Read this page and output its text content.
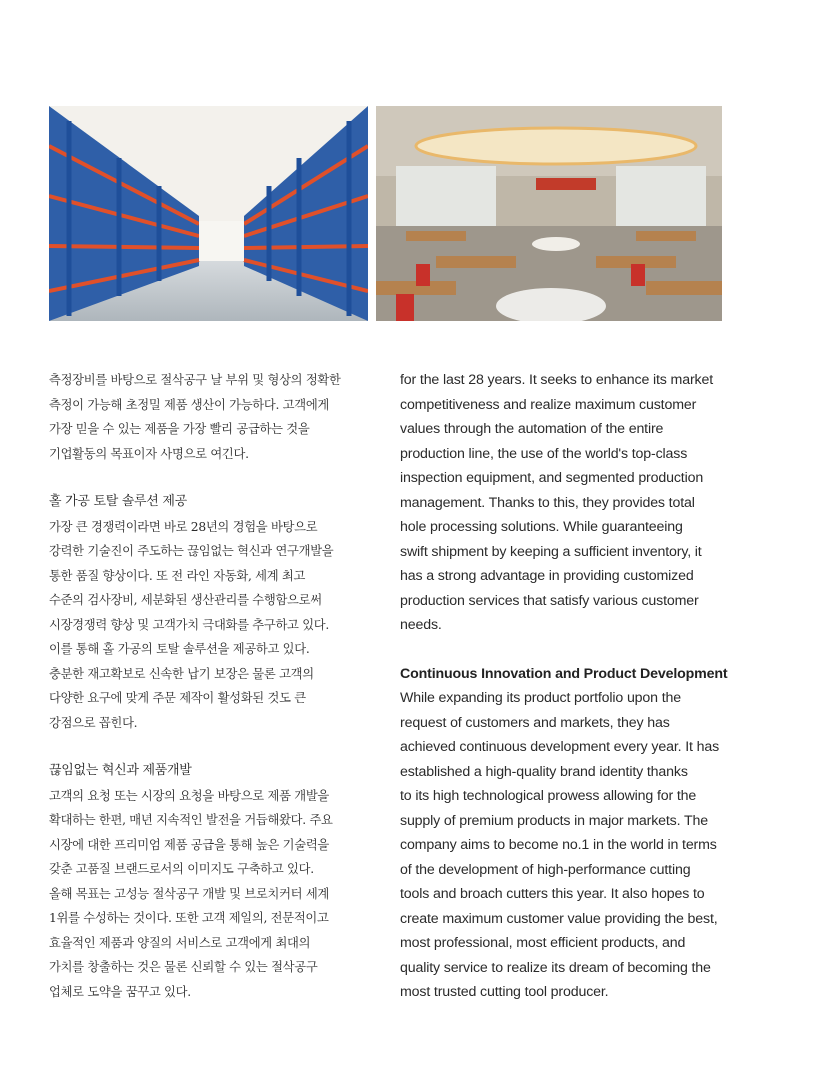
측정장비를 바탕으로 절삭공구 날 부위 및 형상의 정확한
측정이 가능해 초정밀 제품 생산이 가능하다. 고객에게
가장 믿을 수 있는 제품을 가장 빨리 공급하는 것을
기업활동의 목표이자 사명으로 여긴다.

홀 가공 토탈 솔루션 제공

가장 큰 경쟁력이라면 바로 28년의 경험을 바탕으로
강력한 기술진이 주도하는 끊임없는 혁신과 연구개발을
통한 품질 향상이다. 또 전 라인 자동화, 세계 최고
수준의 검사장비, 세분화된 생산관리를 수행함으로써
시장경쟁력 향상 및 고객가치 극대화를 추구하고 있다.
이를 통해 홀 가공의 토탈 솔루션을 제공하고 있다.
충분한 재고확보로 신속한 납기 보장은 물론 고객의
다양한 요구에 맞게 주문 제작이 활성화된 것도 큰
강점으로 꼽힌다.

끊임없는 혁신과 제품개발

고객의 요청 또는 시장의 요청을 바탕으로 제품 개발을
확대하는 한편, 매년 지속적인 발전을 거듭해왔다. 주요
시장에 대한 프리미엄 제품 공급을 통해 높은 기술력을
갖춘 고품질 브랜드로서의 이미지도 구축하고 있다.
올해 목표는 고성능 절삭공구 개발 및 브로치커터 세계
1위를 수성하는 것이다. 또한 고객 제일의, 전문적이고
효율적인 제품과 양질의 서비스로 고객에게 최대의
가치를 창출하는 것은 물론 신뢰할 수 있는 절삭공구
업체로 도약을 꿈꾸고 있다.

for the last 28 years. It seeks to enhance its market
competitiveness and realize maximum customer
values through the automation of the entire
production line, the use of the world's top-class
inspection equipment, and segmented production
management. Thanks to this, they provides total
hole processing solutions. While guaranteeing
swift shipment by keeping a sufficient inventory, it
has a strong advantage in providing customized
production services that satisfy various customer
needs.

Continuous Innovation and Product Development

While expanding its product portfolio upon the
request of customers and markets, they has
achieved continuous development every year. It has
established a high-quality brand identity thanks
to its high technological prowess allowing for the
supply of premium products in major markets. The
company aims to become no.1 in the world in terms
of the development of high-performance cutting
tools and broach cutters this year. It also hopes to
create maximum customer value providing the best,
most professional, most efficient products, and
quality service to realize its dream of becoming the
most trusted cutting tool producer.
